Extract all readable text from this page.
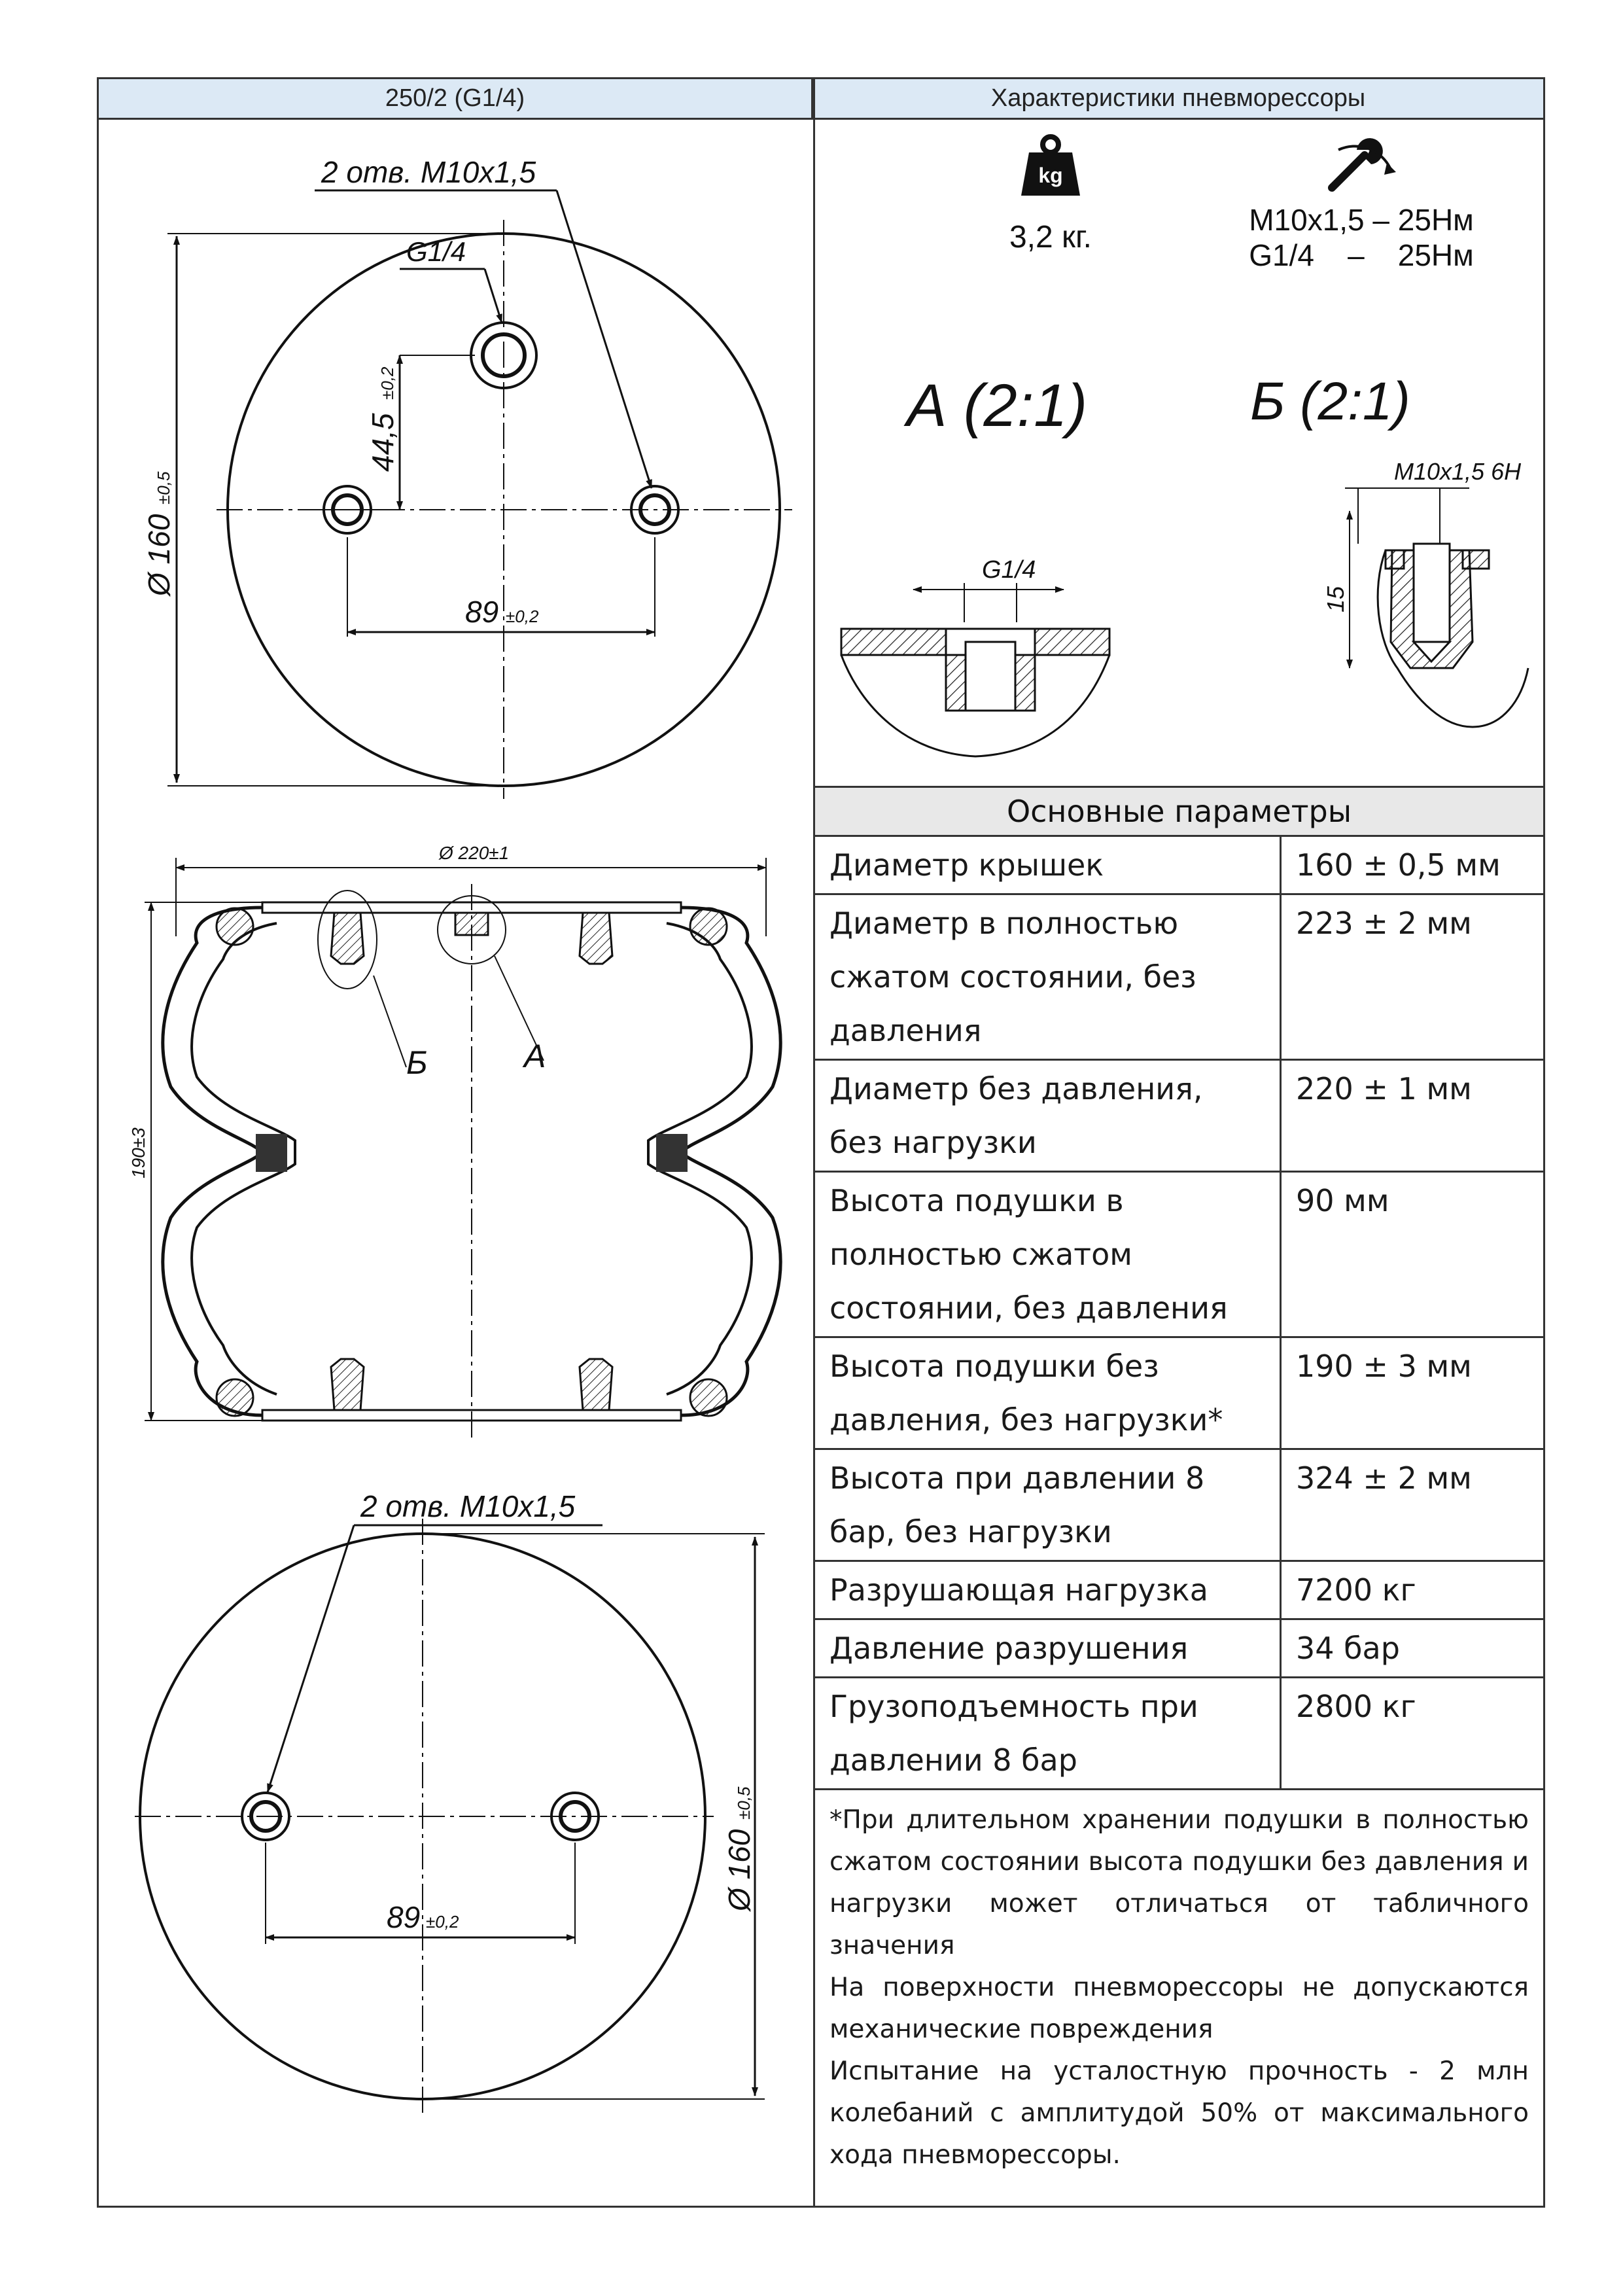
250/2 (G1/4)	Характеристики пневморессоры
2 отв. M10x1,5
G1/4
44,5
±0,2
89 ±0,2
Ø 160
±0,5
Ø 220±1
190±3
Б	А
2 отв. M10x1,5
89 ±0,2
Ø 160
±0,5
kg
3,2 кг.	M10x1,5 – 25Нм
G1/4    –    25Нм
А (2:1)	Б (2:1)
G1/4
M10x1,5 6H
15
Основные параметры
Диаметр крышек	160 ± 0,5 мм
Диаметр в полностью сжатом состоянии, без давления	223 ± 2 мм
Диаметр без давления, без нагрузки	220 ± 1 мм
Высота подушки в полностью сжатом состоянии, без давления	90 мм
Высота подушки без давления, без нагрузки*	190 ± 3 мм
Высота при давлении 8 бар, без нагрузки	324 ± 2 мм
Разрушающая нагрузка	7200 кг
Давление разрушения	34 бар
Грузоподъемность при давлении 8 бар	2800 кг

*При длительном хранении подушки в полностью сжатом состоянии высота подушки без давления и нагрузки может отличаться от табличного значения

На поверхности пневморессоры не допускаются механические повреждения

Испытание на усталостную прочность - 2 млн колебаний с амплитудой 50% от максимального хода пневморессоры.
